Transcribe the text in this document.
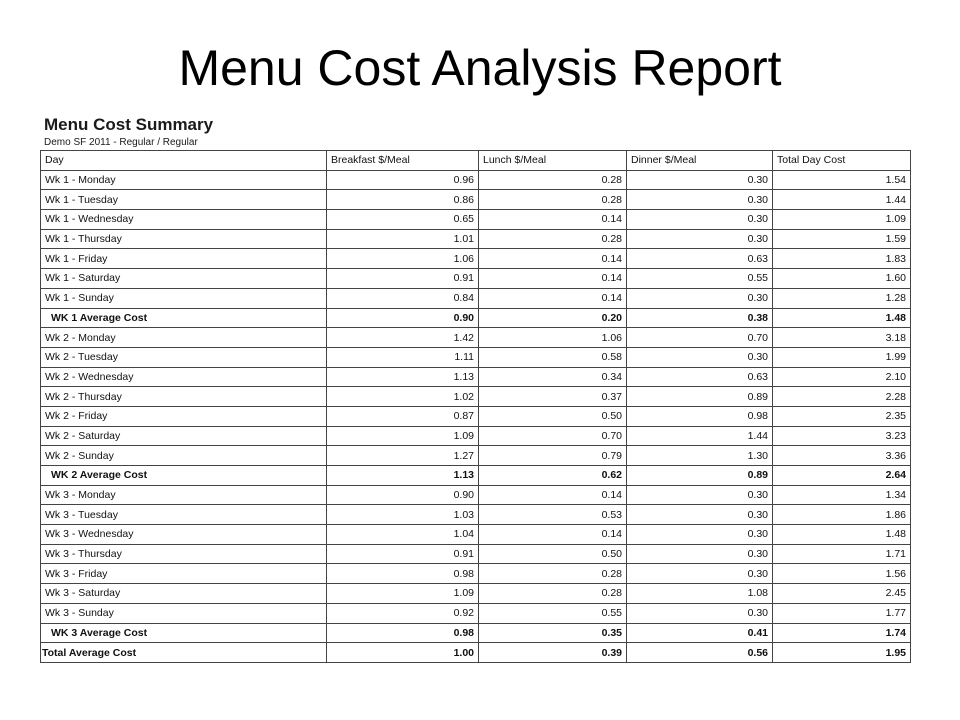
Menu Cost Analysis Report
Menu Cost Summary
Demo SF 2011 - Regular / Regular
Day	Breakfast $/Meal	Lunch $/Meal	Dinner $/Meal	Total Day Cost
Wk 1 - Monday	0.96	0.28	0.30	1.54
Wk 1 - Tuesday	0.86	0.28	0.30	1.44
Wk 1 - Wednesday	0.65	0.14	0.30	1.09
Wk 1 - Thursday	1.01	0.28	0.30	1.59
Wk 1 - Friday	1.06	0.14	0.63	1.83
Wk 1 - Saturday	0.91	0.14	0.55	1.60
Wk 1 - Sunday	0.84	0.14	0.30	1.28
WK 1 Average Cost	0.90	0.20	0.38	1.48
Wk 2 - Monday	1.42	1.06	0.70	3.18
Wk 2 - Tuesday	1.11	0.58	0.30	1.99
Wk 2 - Wednesday	1.13	0.34	0.63	2.10
Wk 2 - Thursday	1.02	0.37	0.89	2.28
Wk 2 - Friday	0.87	0.50	0.98	2.35
Wk 2 - Saturday	1.09	0.70	1.44	3.23
Wk 2 - Sunday	1.27	0.79	1.30	3.36
WK 2 Average Cost	1.13	0.62	0.89	2.64
Wk 3 - Monday	0.90	0.14	0.30	1.34
Wk 3 - Tuesday	1.03	0.53	0.30	1.86
Wk 3 - Wednesday	1.04	0.14	0.30	1.48
Wk 3 - Thursday	0.91	0.50	0.30	1.71
Wk 3 - Friday	0.98	0.28	0.30	1.56
Wk 3 - Saturday	1.09	0.28	1.08	2.45
Wk 3 - Sunday	0.92	0.55	0.30	1.77
WK 3 Average Cost	0.98	0.35	0.41	1.74
Total Average Cost	1.00	0.39	0.56	1.95
